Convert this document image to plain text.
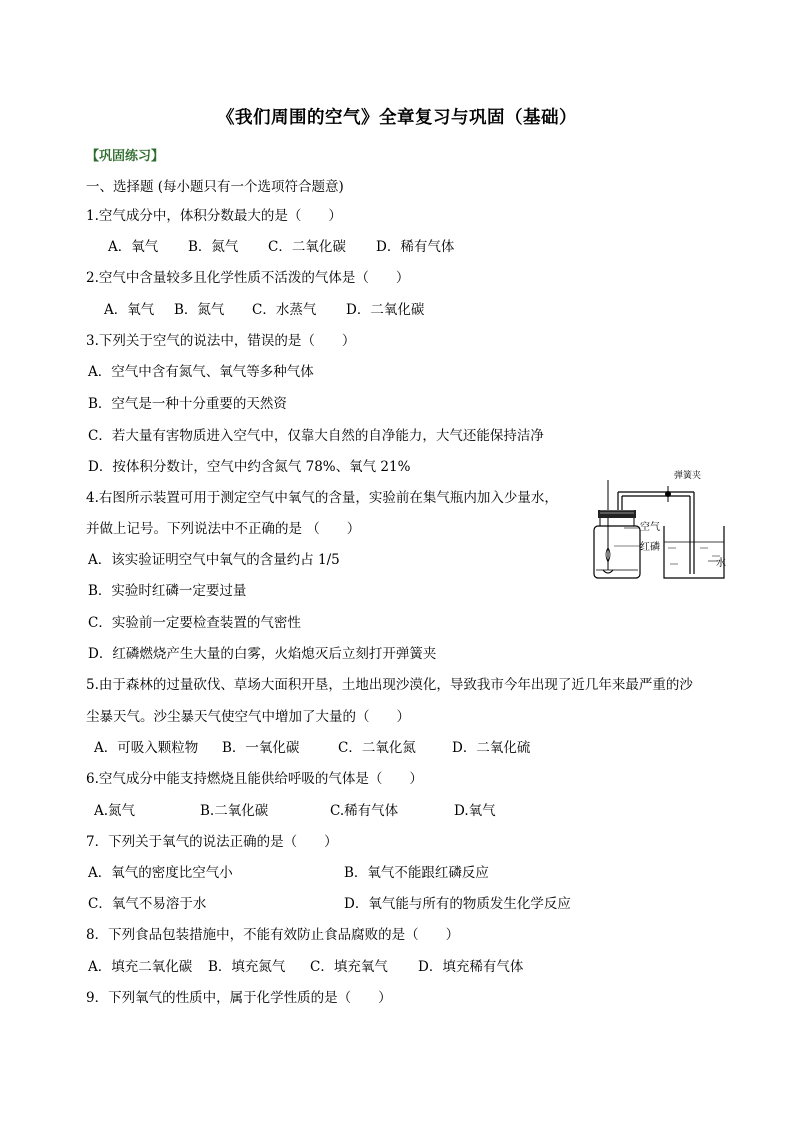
《我们周围的空气》全章复习与巩固（基础）
【巩固练习】
一、选择题 (每小题只有一个选项符合题意)
1.空气成分中，体积分数最大的是（　　）
A．氧气 B．氮气 C．二氧化碳 D．稀有气体
2.空气中含量较多且化学性质不活泼的气体是（　　）
A．氧气 B．氮气 C．水蒸气 D．二氧化碳
3.下列关于空气的说法中，错误的是（　　）
A．空气中含有氮气、氧气等多种气体
B．空气是一种十分重要的天然资
C．若大量有害物质进入空气中，仅靠大自然的自净能力，大气还能保持洁净
D．按体积分数计，空气中约含氮气 78%、氧气 21%
4.右图所示装置可用于测定空气中氧气的含量，实验前在集气瓶内加入少量水，
并做上记号。下列说法中不正确的是 （　　）
A．该实验证明空气中氧气的含量约占 1/5
B．实验时红磷一定要过量
C．实验前一定要检查装置的气密性
D．红磷燃烧产生大量的白雾，火焰熄灭后立刻打开弹簧夹
弹簧夹
空气
红磷
水
5.由于森林的过量砍伐、草场大面积开垦，土地出现沙漠化，导致我市今年出现了近几年来最严重的沙
尘暴天气。沙尘暴天气使空气中增加了大量的（　　）
A．可吸入颗粒物 B．一氧化碳	C．二氧化氮	D．二氧化硫
6.空气成分中能支持燃烧且能供给呼吸的气体是（　　）
A.氮气	B.二氧化碳	C.稀有气体	D.氧气
7．下列关于氧气的说法正确的是（　　）
A．氧气的密度比空气小	B．氧气不能跟红磷反应
C．氧气不易溶于水	D．氧气能与所有的物质发生化学反应
8．下列食品包装措施中，不能有效防止食品腐败的是（　　）
A．填充二氧化碳 B．填充氮气 C．填充氧气 D．填充稀有气体
9．下列氧气的性质中，属于化学性质的是（　　）
